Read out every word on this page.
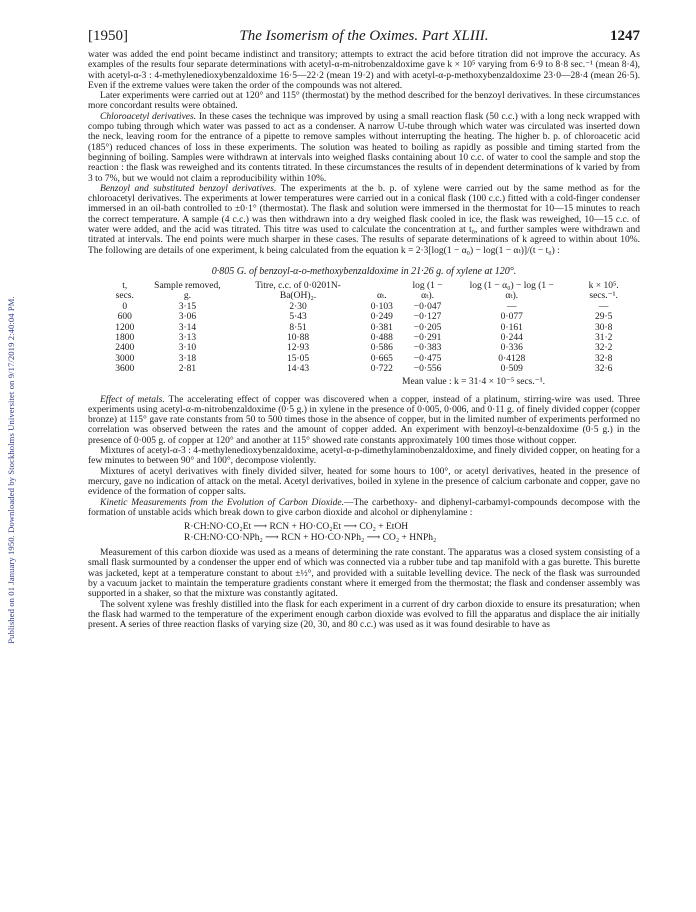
Published on 01 January 1950. Downloaded by Stockholms Universitet on 9/17/2019 2:40:04 PM.
[1950]	The Isomerism of the Oximes. Part XLIII.	1247

water was added the end point became indistinct and transitory; attempts to extract the acid before titration did not improve the accuracy. As examples of the results four separate determinations with acetyl-α-m-nitrobenzaldoxime gave k × 10⁵ varying from 6·9 to 8·8 sec.⁻¹ (mean 8·4), with acetyl-α-3 : 4-methylenedioxybenzaldoxime 16·5—22·2 (mean 19·2) and with acetyl-α-p-methoxybenzaldoxime 23·0—28·4 (mean 26·5). Even if the extreme values were taken the order of the compounds was not altered.

Later experiments were carried out at 120° and 115° (thermostat) by the method described for the benzoyl derivatives. In these circumstances more concordant results were obtained.

Chloroacetyl derivatives. In these cases the technique was improved by using a small reaction flask (50 c.c.) with a long neck wrapped with compo tubing through which water was passed to act as a condenser. A narrow U-tube through which water was circulated was inserted down the neck, leaving room for the entrance of a pipette to remove samples without interrupting the heating. The higher b. p. of chloroacetic acid (185°) reduced chances of loss in these experiments. The solution was heated to boiling as rapidly as possible and timing started from the beginning of boiling. Samples were withdrawn at intervals into weighed flasks containing about 10 c.c. of water to cool the sample and stop the reaction : the flask was reweighed and its contents titrated. In these circumstances the results of in dependent determinations of k varied by from 3 to 7%, but we would not claim a reproducibility within 10%.

Benzoyl and substituted benzoyl derivatives. The experiments at the b. p. of xylene were carried out by the same method as for the chloroacetyl derivatives. The experiments at lower temperatures were carried out in a conical flask (100 c.c.) fitted with a cold-finger condenser immersed in an oil-bath controlled to ±0·1° (thermostat). The flask and solution were immersed in the thermostat for 10—15 minutes to reach the correct temperature. A sample (4 c.c.) was then withdrawn into a dry weighed flask cooled in ice, the flask was reweighed, 10—15 c.c. of water were added, and the acid was titrated. This titre was used to calculate the concentration at t₀, and further samples were withdrawn and titrated at intervals. The end points were much sharper in these cases. The results of separate determinations of k agreed to within about 10%. The following are details of one experiment, k being calculated from the equation k = 2·3[log(1 − α₀) − log(1 − αₜ)]/(t − t₀) :

0·805 G. of benzoyl-α-o-methoxybenzaldoxime in 21·26 g. of xylene at 120°.
t, secs.	Sample removed, g.	Titre, c.c. of 0·0201N-Ba(OH)₂.	αₜ.	log (1 − αₜ).	log (1 − α₀) − log (1 − αₜ).	k × 10⁵. secs.⁻¹.
0	3·15	2·30	0·103	−0·047	—	—
600	3·06	5·43	0·249	−0·127	0·077	29·5
1200	3·14	8·51	0·381	−0·205	0·161	30·8
1800	3·13	10·88	0·488	−0·291	0·244	31·2
2400	3·10	12·93	0·586	−0·383	0·336	32·2
3000	3·18	15·05	0·665	−0·475	0·4128	32·8
3600	2·81	14·43	0·722	−0·556	0·509	32·6
Mean value : k = 31·4 × 10⁻⁵ secs.⁻¹.

Effect of metals. The accelerating effect of copper was discovered when a copper, instead of a platinum, stirring-wire was used. Three experiments using acetyl-α-m-nitrobenzaldoxime (0·5 g.) in xylene in the presence of 0·005, 0·006, and 0·11 g. of finely divided copper (copper bronze) at 115° gave rate constants from 50 to 500 times those in the absence of copper, but in the limited number of experiments performed no correlation was observed between the rates and the amount of copper added. An experiment with benzoyl-α-benzaldoxime (0·5 g.) in the presence of 0·005 g. of copper at 120° and another at 115° showed rate constants approximately 100 times those without copper.

Mixtures of acetyl-α-3 : 4-methylenedioxybenzaldoxime, acetyl-α-p-dimethylaminobenzaldoxime, and finely divided copper, on heating for a few minutes to between 90° and 100°, decompose violently.

Mixtures of acetyl derivatives with finely divided silver, heated for some hours to 100°, or acetyl derivatives, heated in the presence of mercury, gave no indication of attack on the metal. Acetyl derivatives, boiled in xylene in the presence of calcium carbonate and copper, gave no evidence of the formation of copper salts.

Kinetic Measurements from the Evolution of Carbon Dioxide.—The carbethoxy- and diphenyl-carbamyl-compounds decompose with the formation of unstable acids which break down to give carbon dioxide and alcohol or diphenylamine :

R·CH:NO·CO₂Et ⟶ RCN + HO·CO₂Et ⟶ CO₂ + EtOH
R·CH:NO·CO·NPh₂ ⟶ RCN + HO·CO·NPh₂ ⟶ CO₂ + HNPh₂

Measurement of this carbon dioxide was used as a means of determining the rate constant. The apparatus was a closed system consisting of a small flask surmounted by a condenser the upper end of which was connected via a rubber tube and tap manifold with a gas burette. This burette was jacketed, kept at a temperature constant to about ±½°, and provided with a suitable levelling device. The neck of the flask was surrounded by a vacuum jacket to maintain the temperature gradients constant where it emerged from the thermostat; the flask and condenser assembly was supported in a shaker, so that the mixture was constantly agitated.

The solvent xylene was freshly distilled into the flask for each experiment in a current of dry carbon dioxide to ensure its presaturation; when the flask had warmed to the temperature of the experiment enough carbon dioxide was evolved to fill the apparatus and displace the air initially present. A series of three reaction flasks of varying size (20, 30, and 80 c.c.) was used as it was found desirable to have as
